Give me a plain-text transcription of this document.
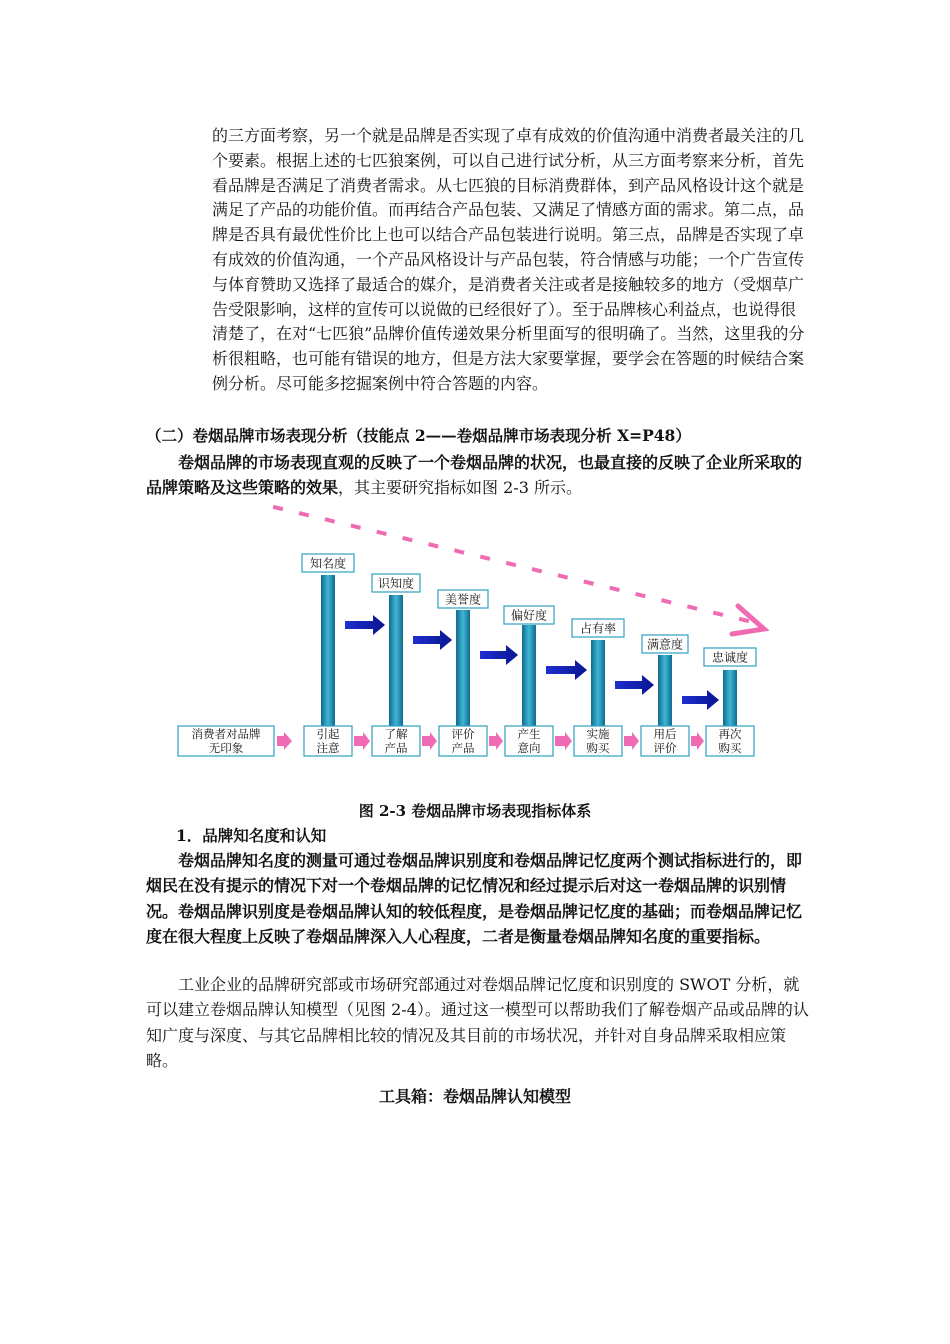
的三方面考察，另一个就是品牌是否实现了卓有成效的价值沟通中消费者最关注的几个要素。根据上述的七匹狼案例，可以自己进行试分析，从三方面考察来分析，首先看品牌是否满足了消费者需求。从七匹狼的目标消费群体，到产品风格设计这个就是满足了产品的功能价值。而再结合产品包装、又满足了情感方面的需求。第二点，品牌是否具有最优性价比上也可以结合产品包装进行说明。第三点，品牌是否实现了卓有成效的价值沟通，一个产品风格设计与产品包装，符合情感与功能；一个广告宣传与体育赞助又选择了最适合的媒介，是消费者关注或者是接触较多的地方（受烟草广告受限影响，这样的宣传可以说做的已经很好了）。至于品牌核心利益点，也说得很清楚了，在对“七匹狼”品牌价值传递效果分析里面写的很明确了。当然，这里我的分析很粗略，也可能有错误的地方，但是方法大家要掌握，要学会在答题的时候结合案例分析。尽可能多挖掘案例中符合答题的内容。

（二）卷烟品牌市场表现分析（技能点 2——卷烟品牌市场表现分析 X=P48）

卷烟品牌的市场表现直观的反映了一个卷烟品牌的状况，也最直接的反映了企业所采取的品牌策略及这些策略的效果，其主要研究指标如图 2-3 所示。

知名度
识知度
美誉度
偏好度
占有率
满意度
忠诚度
消费者对品牌
无印象
引起
注意
了解
产品
评价
产品
产生
意向
实施
购买
用后
评价
再次
购买

图 2-3 卷烟品牌市场表现指标体系

1．品牌知名度和认知

卷烟品牌知名度的测量可通过卷烟品牌识别度和卷烟品牌记忆度两个测试指标进行的，即烟民在没有提示的情况下对一个卷烟品牌的记忆情况和经过提示后对这一卷烟品牌的识别情况。卷烟品牌识别度是卷烟品牌认知的较低程度，是卷烟品牌记忆度的基础；而卷烟品牌记忆度在很大程度上反映了卷烟品牌深入人心程度，二者是衡量卷烟品牌知名度的重要指标。

工业企业的品牌研究部或市场研究部通过对卷烟品牌记忆度和识别度的 SWOT 分析，就可以建立卷烟品牌认知模型（见图 2-4）。通过这一模型可以帮助我们了解卷烟产品或品牌的认知广度与深度、与其它品牌相比较的情况及其目前的市场状况，并针对自身品牌采取相应策略。

工具箱：卷烟品牌认知模型
